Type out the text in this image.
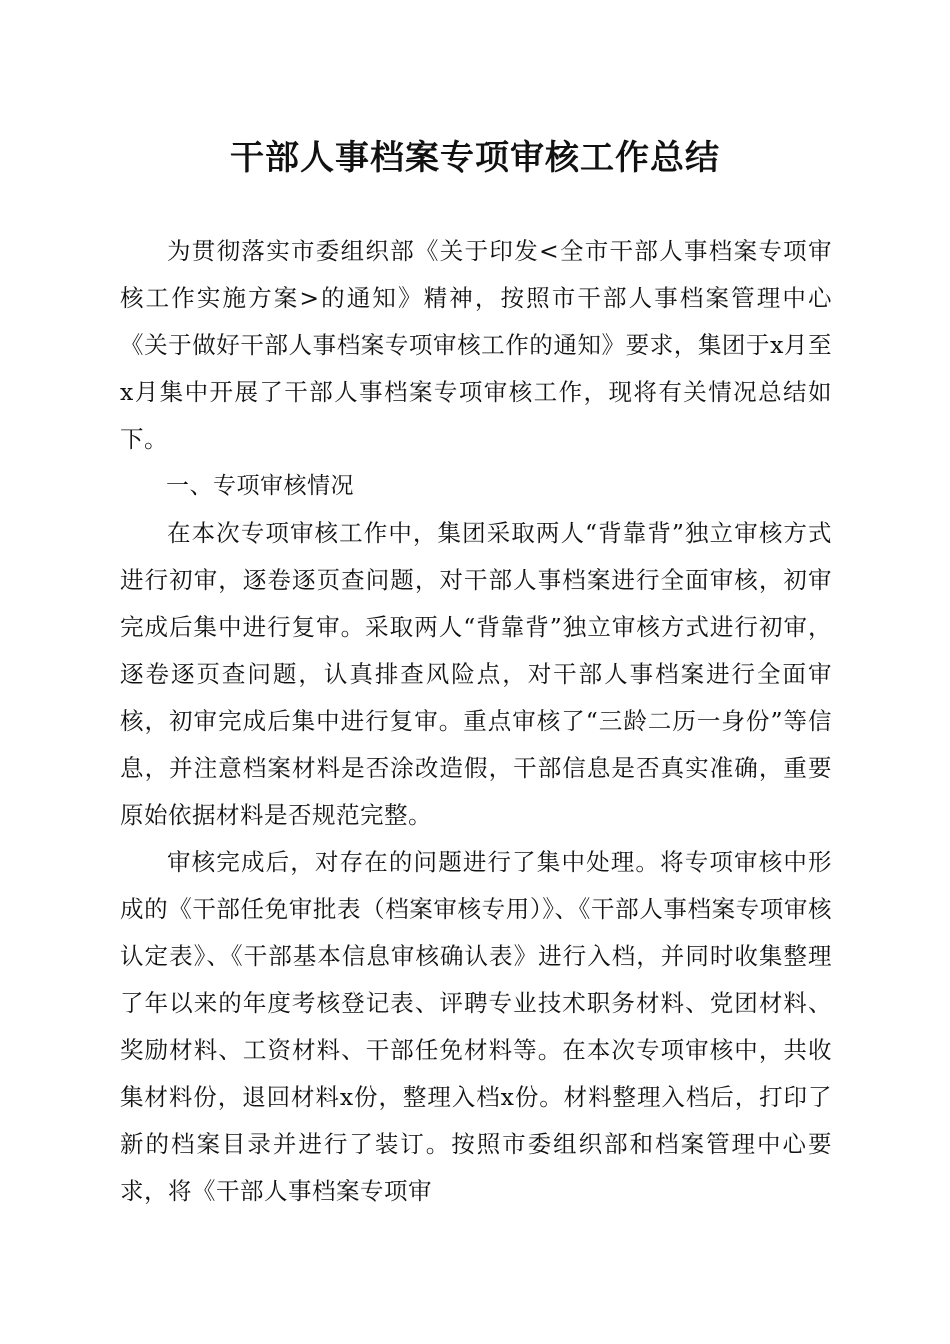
干部人事档案专项审核工作总结

为贯彻落实市委组织部《关于印发<全市干部人事档案专项审核工作实施方案>的通知》精神，按照市干部人事档案管理中心《关于做好干部人事档案专项审核工作的通知》要求，集团于x月至x月集中开展了干部人事档案专项审核工作，现将有关情况总结如下。

一、专项审核情况

在本次专项审核工作中，集团采取两人“背靠背”独立审核方式进行初审，逐卷逐页查问题，对干部人事档案进行全面审核，初审完成后集中进行复审。采取两人“背靠背”独立审核方式进行初审，逐卷逐页查问题，认真排查风险点，对干部人事档案进行全面审核，初审完成后集中进行复审。重点审核了“三龄二历一身份”等信息，并注意档案材料是否涂改造假，干部信息是否真实准确，重要原始依据材料是否规范完整。

审核完成后，对存在的问题进行了集中处理。将专项审核中形成的《干部任免审批表（档案审核专用）》、《干部人事档案专项审核认定表》、《干部基本信息审核确认表》进行入档，并同时收集整理了年以来的年度考核登记表、评聘专业技术职务材料、党团材料、奖励材料、工资材料、干部任免材料等。在本次专项审核中，共收集材料份，退回材料x份，整理入档x份。材料整理入档后，打印了新的档案目录并进行了装订。按照市委组织部和档案管理中心要求，将《干部人事档案专项审
